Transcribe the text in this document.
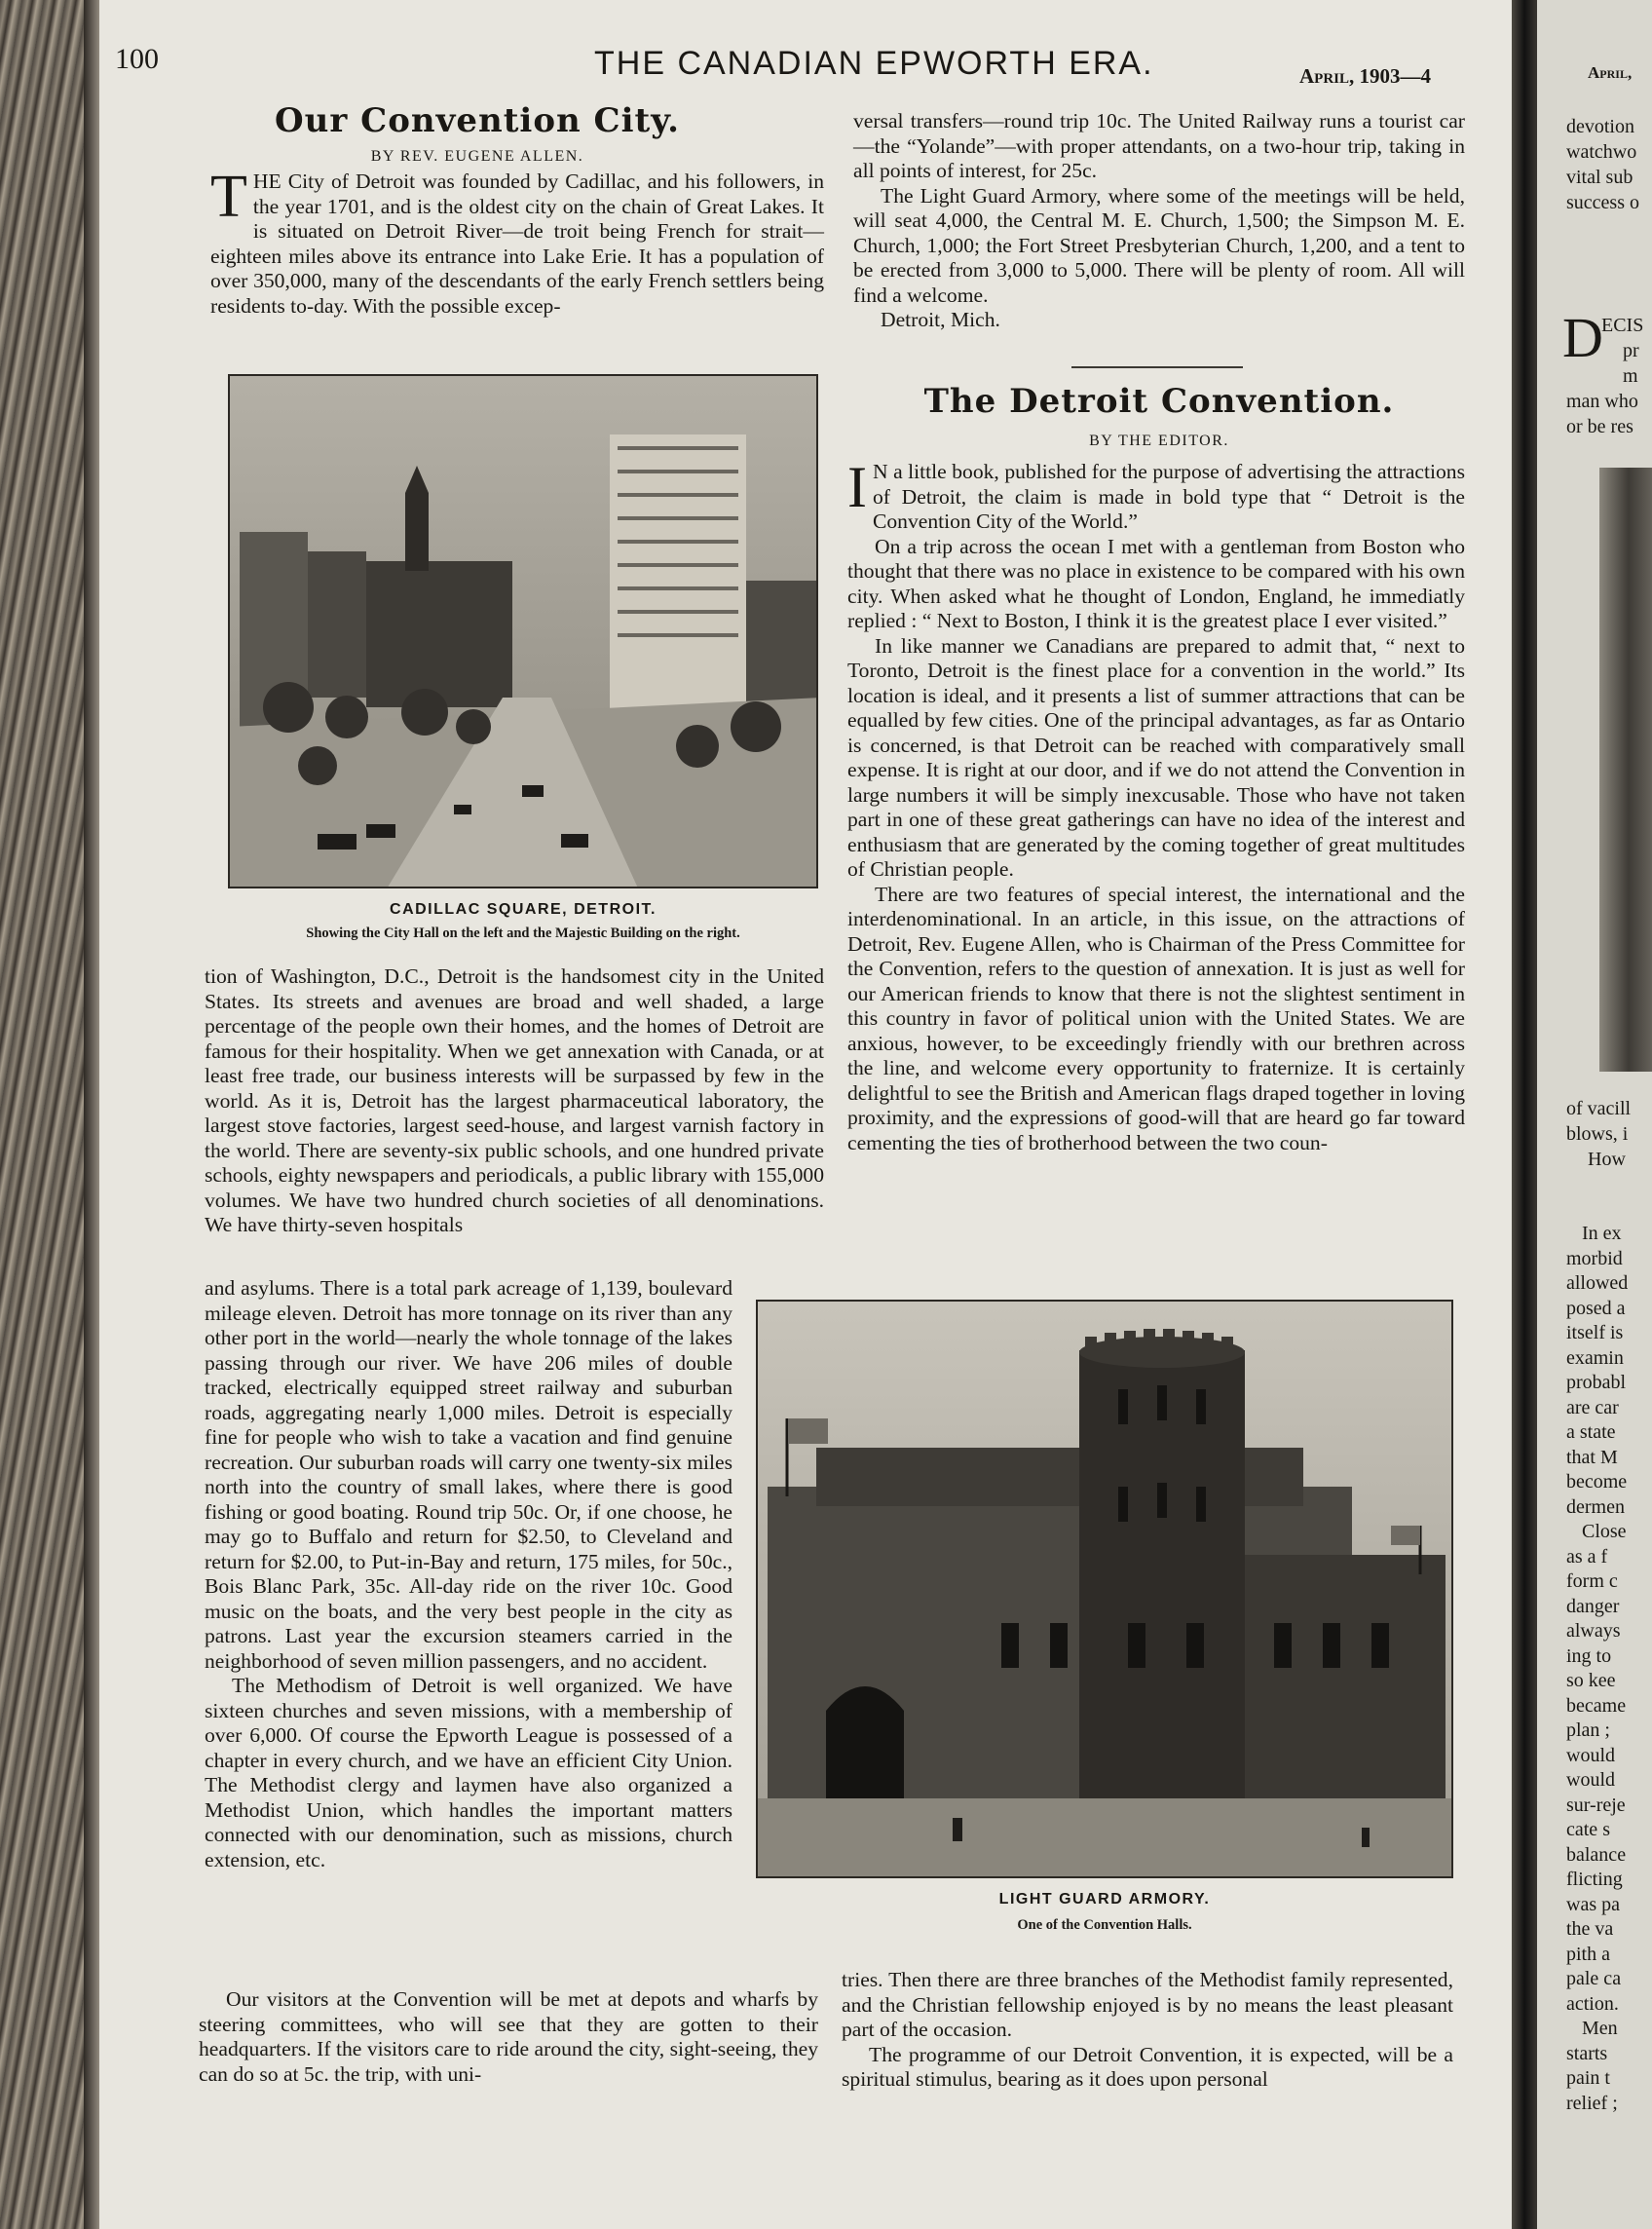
100	THE CANADIAN EPWORTH ERA.	April, 1903—4
Our Convention City.
BY REV. EUGENE ALLEN.

THE City of Detroit was founded by Cadillac, and his followers, in the year 1701, and is the oldest city on the chain of Great Lakes. It is situated on Detroit River—de troit being French for strait—eighteen miles above its entrance into Lake Erie. It has a population of over 350,000, many of the descendants of the early French settlers being residents to-day. With the possible excep-

CADILLAC SQUARE, DETROIT.
Showing the City Hall on the left and the Majestic Building on the right.

tion of Washington, D.C., Detroit is the handsomest city in the United States. Its streets and avenues are broad and well shaded, a large percentage of the people own their homes, and the homes of Detroit are famous for their hospitality. When we get annexation with Canada, or at least free trade, our business interests will be surpassed by few in the world. As it is, Detroit has the largest pharmaceutical laboratory, the largest stove factories, largest seed-house, and largest varnish factory in the world. There are seventy-six public schools, and one hundred private schools, eighty newspapers and periodicals, a public library with 155,000 volumes. We have two hundred church societies of all denominations. We have thirty-seven hospitals

and asylums. There is a total park acreage of 1,139, boulevard mileage eleven. Detroit has more tonnage on its river than any other port in the world—nearly the whole tonnage of the lakes passing through our river. We have 206 miles of double tracked, electrically equipped street railway and suburban roads, aggregating nearly 1,000 miles. Detroit is especially fine for people who wish to take a vacation and find genuine recreation. Our suburban roads will carry one twenty-six miles north into the country of small lakes, where there is good fishing or good boating. Round trip 50c. Or, if one choose, he may go to Buffalo and return for $2.50, to Cleveland and return for $2.00, to Put-in-Bay and return, 175 miles, for 50c., Bois Blanc Park, 35c. All-day ride on the river 10c. Good music on the boats, and the very best people in the city as patrons. Last year the excursion steamers carried in the neighborhood of seven million passengers, and no accident.

The Methodism of Detroit is well organized. We have sixteen churches and seven missions, with a membership of over 6,000. Of course the Epworth League is possessed of a chapter in every church, and we have an efficient City Union. The Methodist clergy and laymen have also organized a Methodist Union, which handles the important matters connected with our denomination, such as missions, church extension, etc.

Our visitors at the Convention will be met at depots and wharfs by steering committees, who will see that they are gotten to their headquarters. If the visitors care to ride around the city, sight-seeing, they can do so at 5c. the trip, with uni-

versal transfers—round trip 10c. The United Railway runs a tourist car—the “Yolande”—with proper attendants, on a two-hour trip, taking in all points of interest, for 25c.

The Light Guard Armory, where some of the meetings will be held, will seat 4,000, the Central M. E. Church, 1,500; the Simpson M. E. Church, 1,000; the Fort Street Presbyterian Church, 1,200, and a tent to be erected from 3,000 to 5,000. There will be plenty of room. All will find a welcome.

Detroit, Mich.

The Detroit Convention.
BY THE EDITOR.

I N a little book, published for the purpose of advertising the attractions of Detroit, the claim is made in bold type that “ Detroit is the Convention City of the World.”

On a trip across the ocean I met with a gentleman from Boston who thought that there was no place in existence to be compared with his own city. When asked what he thought of London, England, he immediatly replied : “ Next to Boston, I think it is the greatest place I ever visited.”

In like manner we Canadians are prepared to admit that, “ next to Toronto, Detroit is the finest place for a convention in the world.” Its location is ideal, and it presents a list of summer attractions that can be equalled by few cities. One of the principal advantages, as far as Ontario is concerned, is that Detroit can be reached with comparatively small expense. It is right at our door, and if we do not attend the Convention in large numbers it will be simply inexcusable. Those who have not taken part in one of these great gatherings can have no idea of the interest and enthusiasm that are generated by the coming together of great multitudes of Christian people.

There are two features of special interest, the international and the interdenominational. In an article, in this issue, on the attractions of Detroit, Rev. Eugene Allen, who is Chairman of the Press Committee for the Convention, refers to the question of annexation. It is just as well for our American friends to know that there is not the slightest sentiment in this country in favor of political union with the United States. We are anxious, however, to be exceedingly friendly with our brethren across the line, and welcome every opportunity to fraternize. It is certainly delightful to see the British and American flags draped together in loving proximity, and the expressions of good-will that are heard go far toward cementing the ties of brotherhood between the two coun-

LIGHT GUARD ARMORY.
One of the Convention Halls.

tries. Then there are three branches of the Methodist family represented, and the Christian fellowship enjoyed is by no means the least pleasant part of the occasion.

The programme of our Detroit Convention, it is expected, will be a spiritual stimulus, bearing as it does upon personal

April,
devotion
watchwo
vital sub
success o
D
ECIS
pr
m
man who
or be res
of vacill
blows, i
How
In ex
morbid
allowed
posed a
itself is
examin
probabl
are car
a state
that M
become
dermen
Close
as a f
form c
danger
always
ing to
so kee
became
plan ;
would
would
sur-reje
cate s
balance
flicting
was pa
the va
pith a
pale ca
action.
Men
starts
pain t
relief ;
